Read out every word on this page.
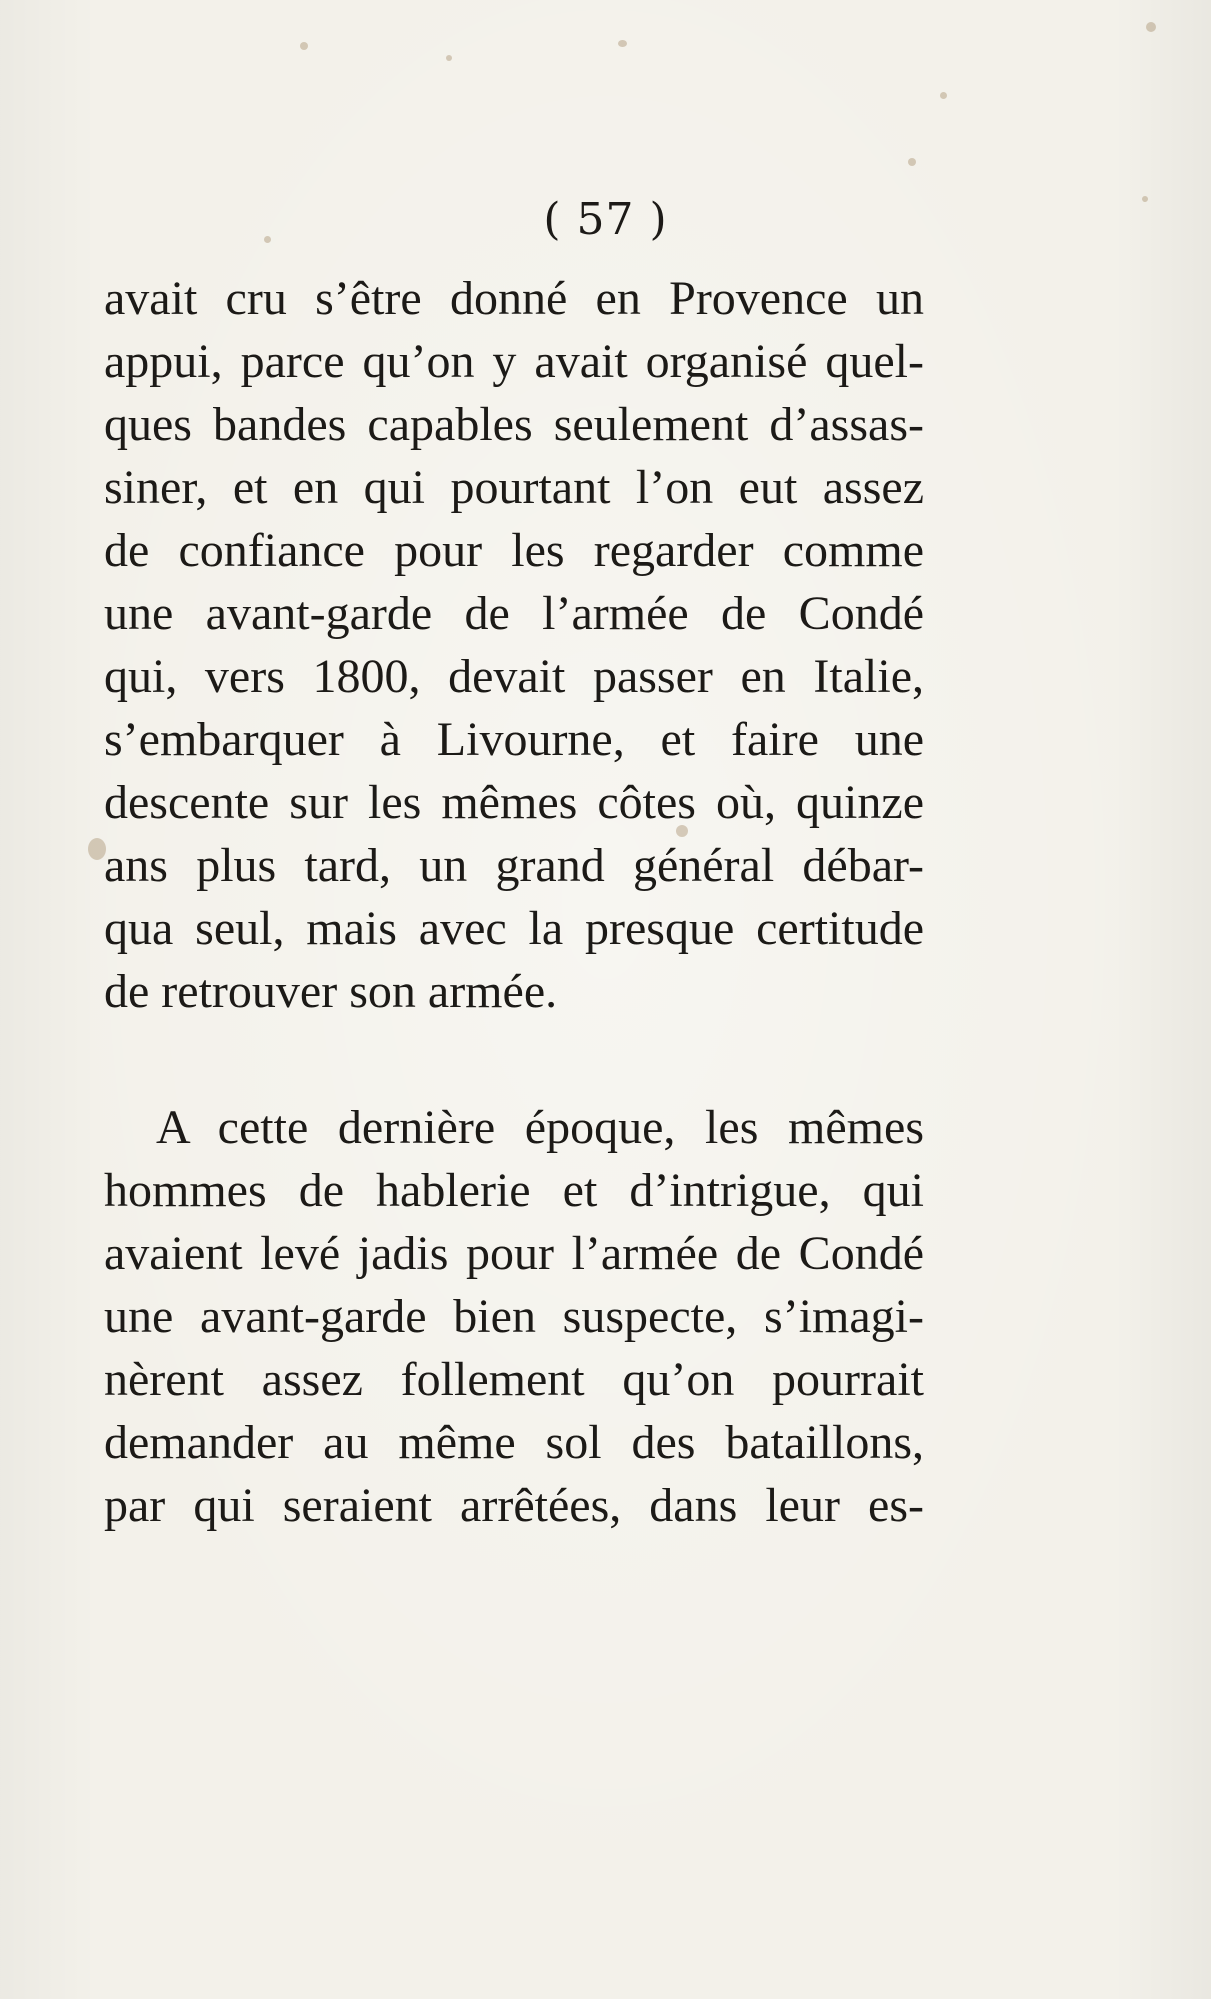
( 57 )
avait cru s’être donné en Provence un
appui, parce qu’on y avait organisé quel-
ques bandes capables seulement d’assas-
siner, et en qui pourtant l’on eut assez
de confiance pour les regarder comme
une avant-garde de l’armée de Condé
qui, vers 1800, devait passer en Italie,
s’embarquer à Livourne, et faire une
descente sur les mêmes côtes où, quinze
ans plus tard, un grand général débar-
qua seul, mais avec la presque certitude
de retrouver son armée.
A cette dernière époque, les mêmes
hommes de hablerie et d’intrigue, qui
avaient levé jadis pour l’armée de Condé
une avant-garde bien suspecte, s’imagi-
nèrent assez follement qu’on pourrait
demander au même sol des bataillons,
par qui seraient arrêtées, dans leur es-
